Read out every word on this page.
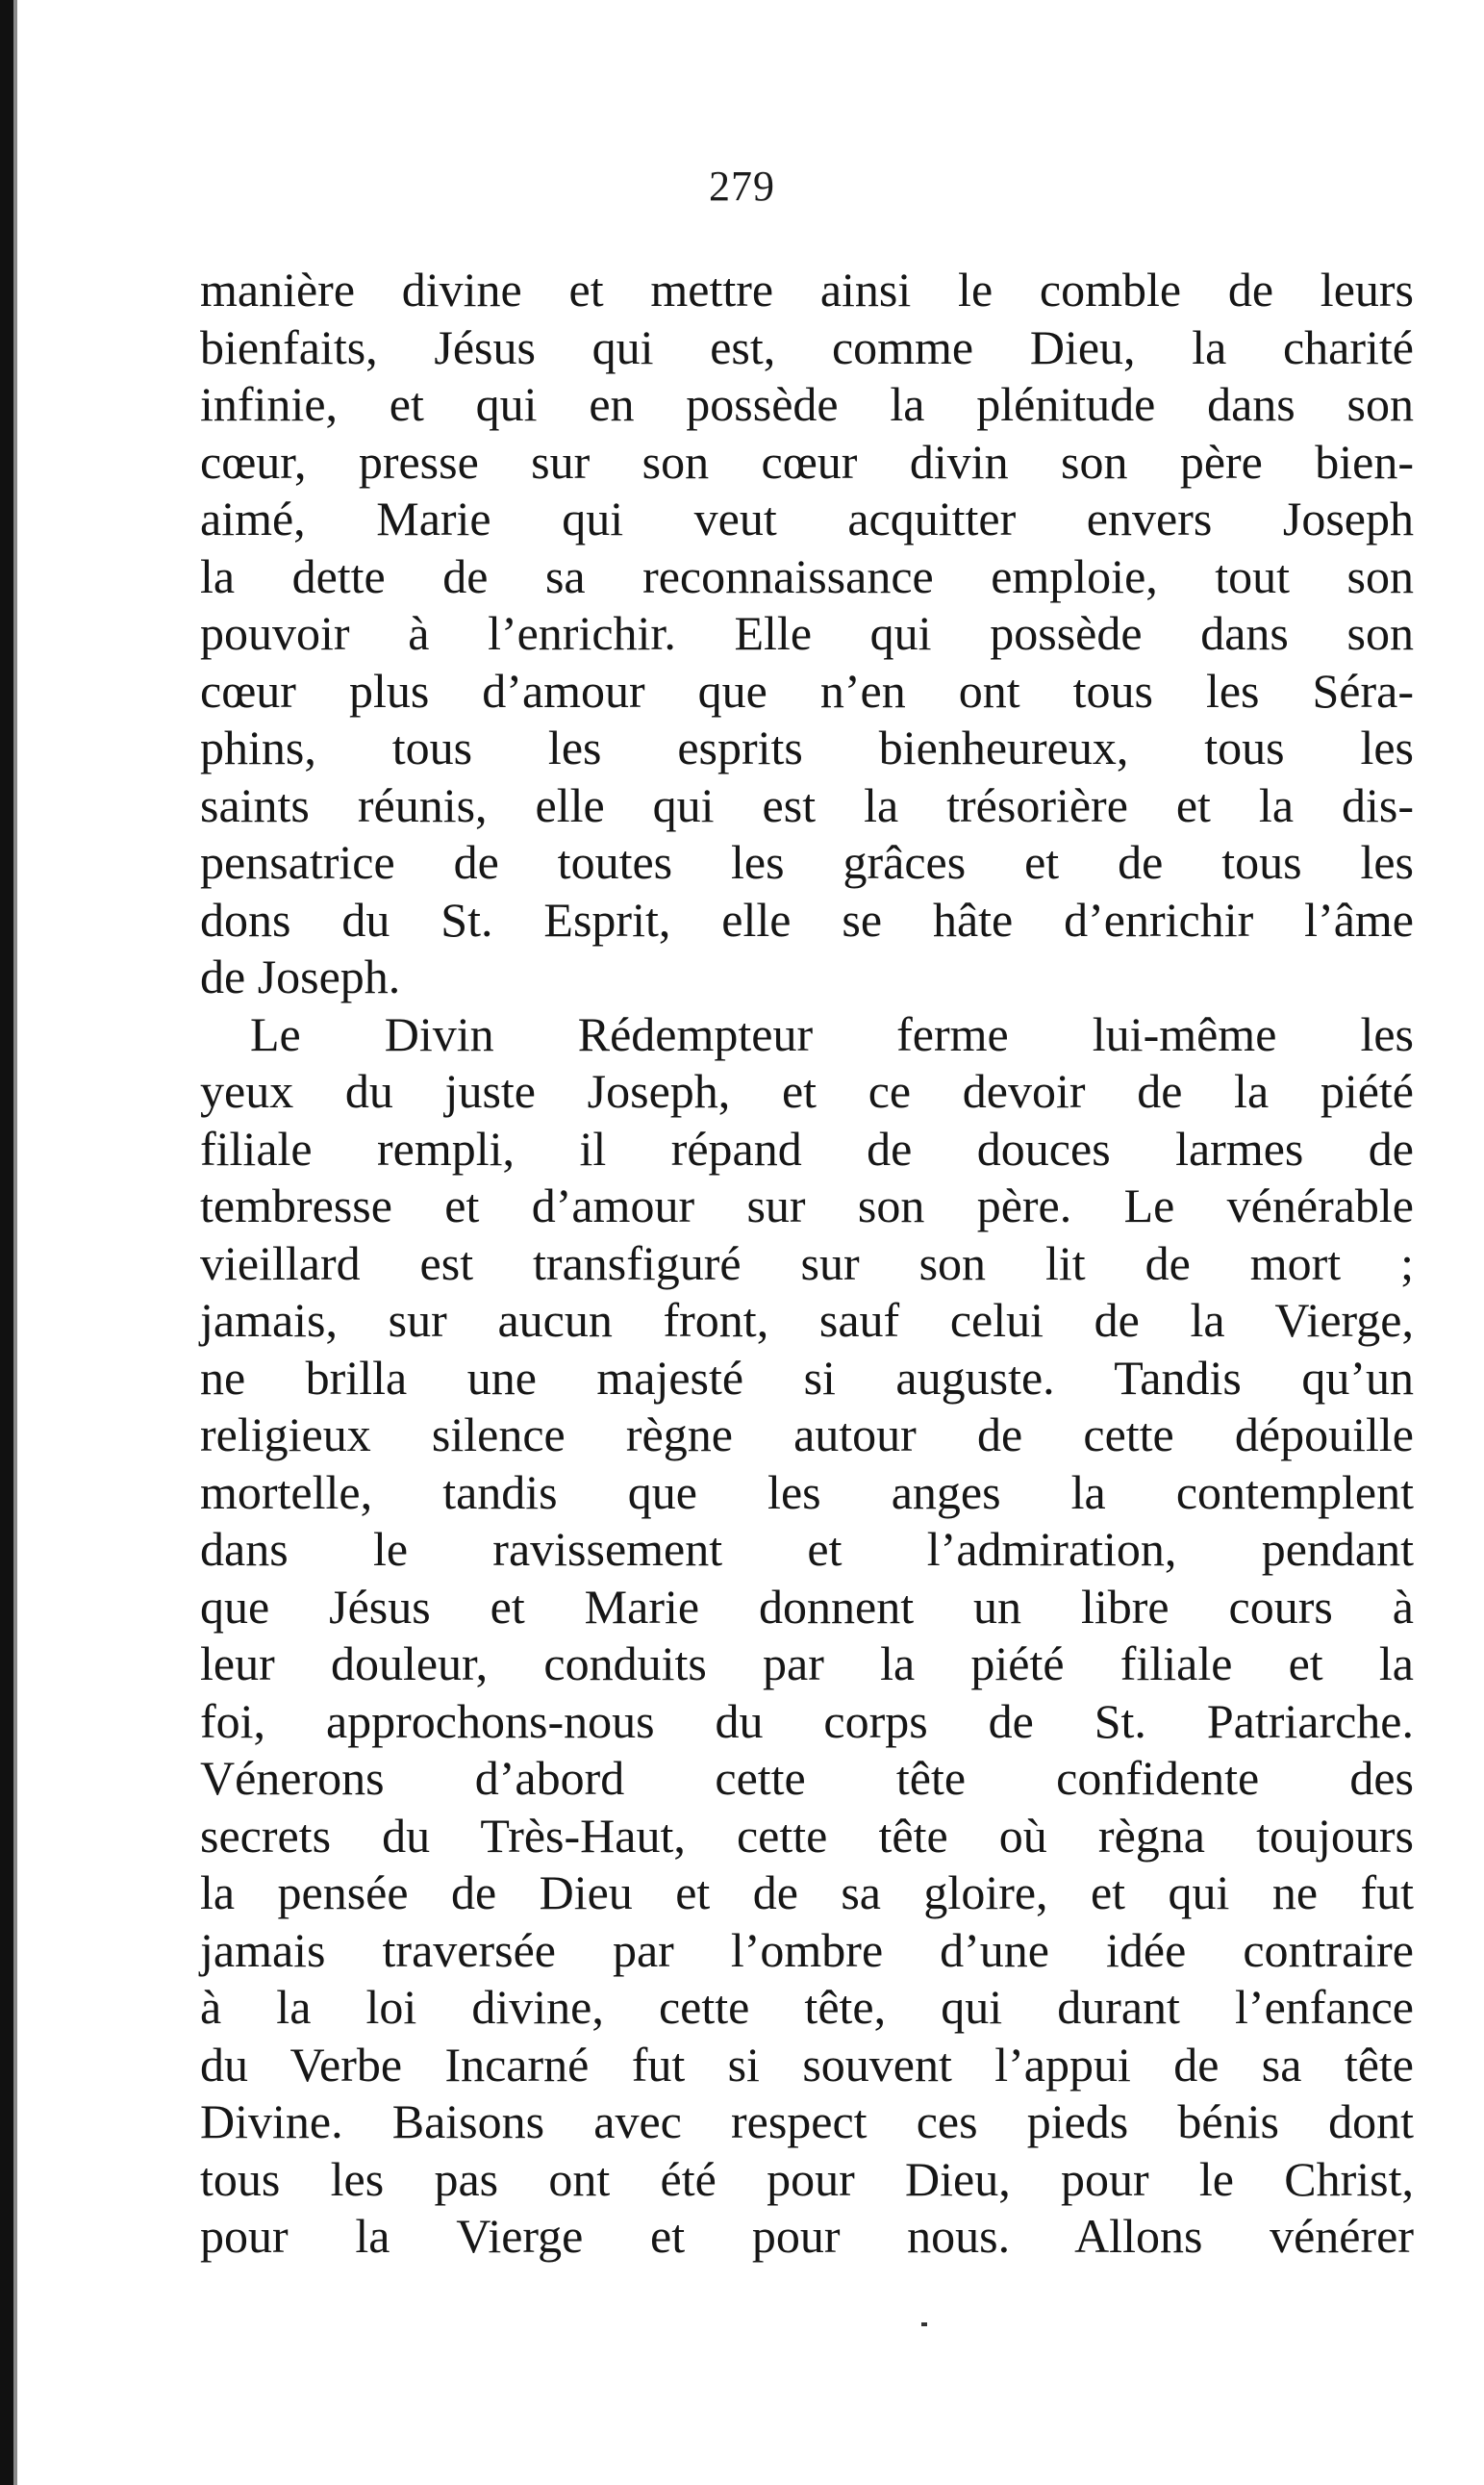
279
manière divine et mettre ainsi le comble de leurs
bienfaits, Jésus qui est, comme Dieu, la charité
infinie, et qui en possède la plénitude dans son
cœur, presse sur son cœur divin son père bien-
aimé, Marie qui veut acquitter envers Joseph
la dette de sa reconnaissance emploie, tout son
pouvoir à l’enrichir. Elle qui possède dans son
cœur plus d’amour que n’en ont tous les Séra-
phins, tous les esprits bienheureux, tous les
saints réunis, elle qui est la trésorière et la dis-
pensatrice de toutes les grâces et de tous les
dons du St. Esprit, elle se hâte d’enrichir l’âme
de Joseph.
Le Divin Rédempteur ferme lui-même les
yeux du juste Joseph, et ce devoir de la piété
filiale rempli, il répand de douces larmes de
tembresse et d’amour sur son père. Le vénérable
vieillard est transfiguré sur son lit de mort ;
jamais, sur aucun front, sauf celui de la Vierge,
ne brilla une majesté si auguste. Tandis qu’un
religieux silence règne autour de cette dépouille
mortelle, tandis que les anges la contemplent
dans le ravissement et l’admiration, pendant
que Jésus et Marie donnent un libre cours à
leur douleur, conduits par la piété filiale et la
foi, approchons-nous du corps de St. Patriarche.
Vénerons d’abord cette tête confidente des
secrets du Très-Haut, cette tête où règna toujours
la pensée de Dieu et de sa gloire, et qui ne fut
jamais traversée par l’ombre d’une idée contraire
à la loi divine, cette tête, qui durant l’enfance
du Verbe Incarné fut si souvent l’appui de sa tête
Divine. Baisons avec respect ces pieds bénis dont
tous les pas ont été pour Dieu, pour le Christ,
pour la Vierge et pour nous. Allons vénérer
